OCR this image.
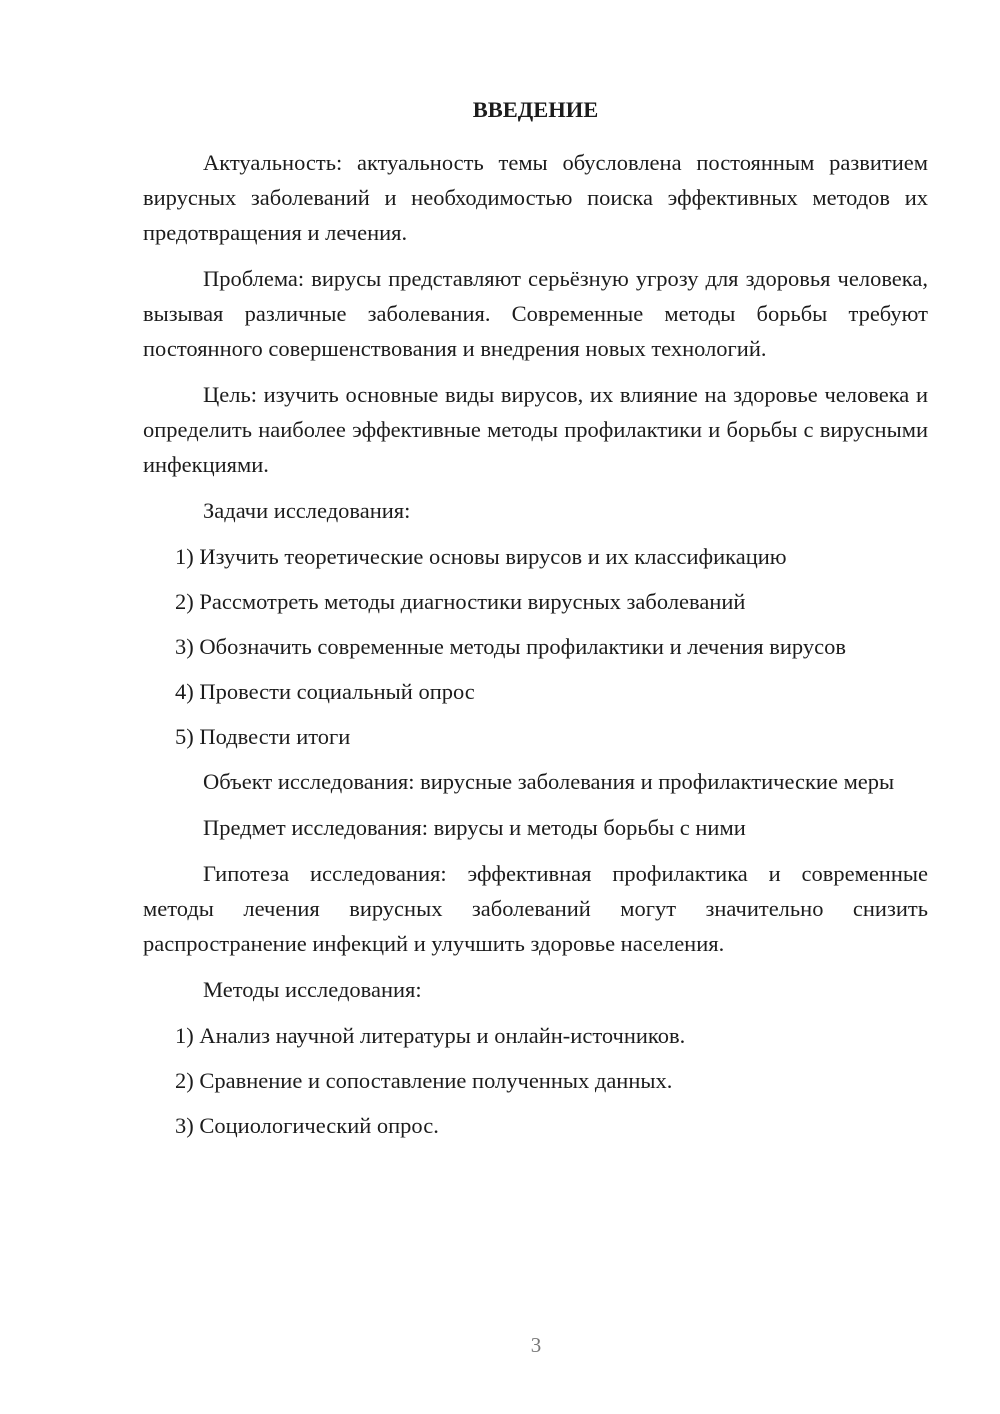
ВВЕДЕНИЕ

Актуальность: актуальность темы обусловлена постоянным развитием вирусных заболеваний и необходимостью поиска эффективных методов их предотвращения и лечения.

Проблема: вирусы представляют серьёзную угрозу для здоровья человека, вызывая различные заболевания. Современные методы борьбы требуют постоянного совершенствования и внедрения новых технологий.

Цель: изучить основные виды вирусов, их влияние на здоровье человека и определить наиболее эффективные методы профилактики и борьбы с вирусными инфекциями.

Задачи исследования:

1) Изучить теоретические основы вирусов и их классификацию
2) Рассмотреть методы диагностики вирусных заболеваний
3) Обозначить современные методы профилактики и лечения вирусов
4) Провести социальный опрос
5) Подвести итоги

Объект исследования: вирусные заболевания и профилактические меры

Предмет исследования: вирусы и методы борьбы с ними

Гипотеза исследования: эффективная профилактика и современные методы лечения вирусных заболеваний могут значительно снизить распространение инфекций и улучшить здоровье населения.

Методы исследования:

1) Анализ научной литературы и онлайн-источников.
2) Сравнение и сопоставление полученных данных.
3) Социологический опрос.
3
